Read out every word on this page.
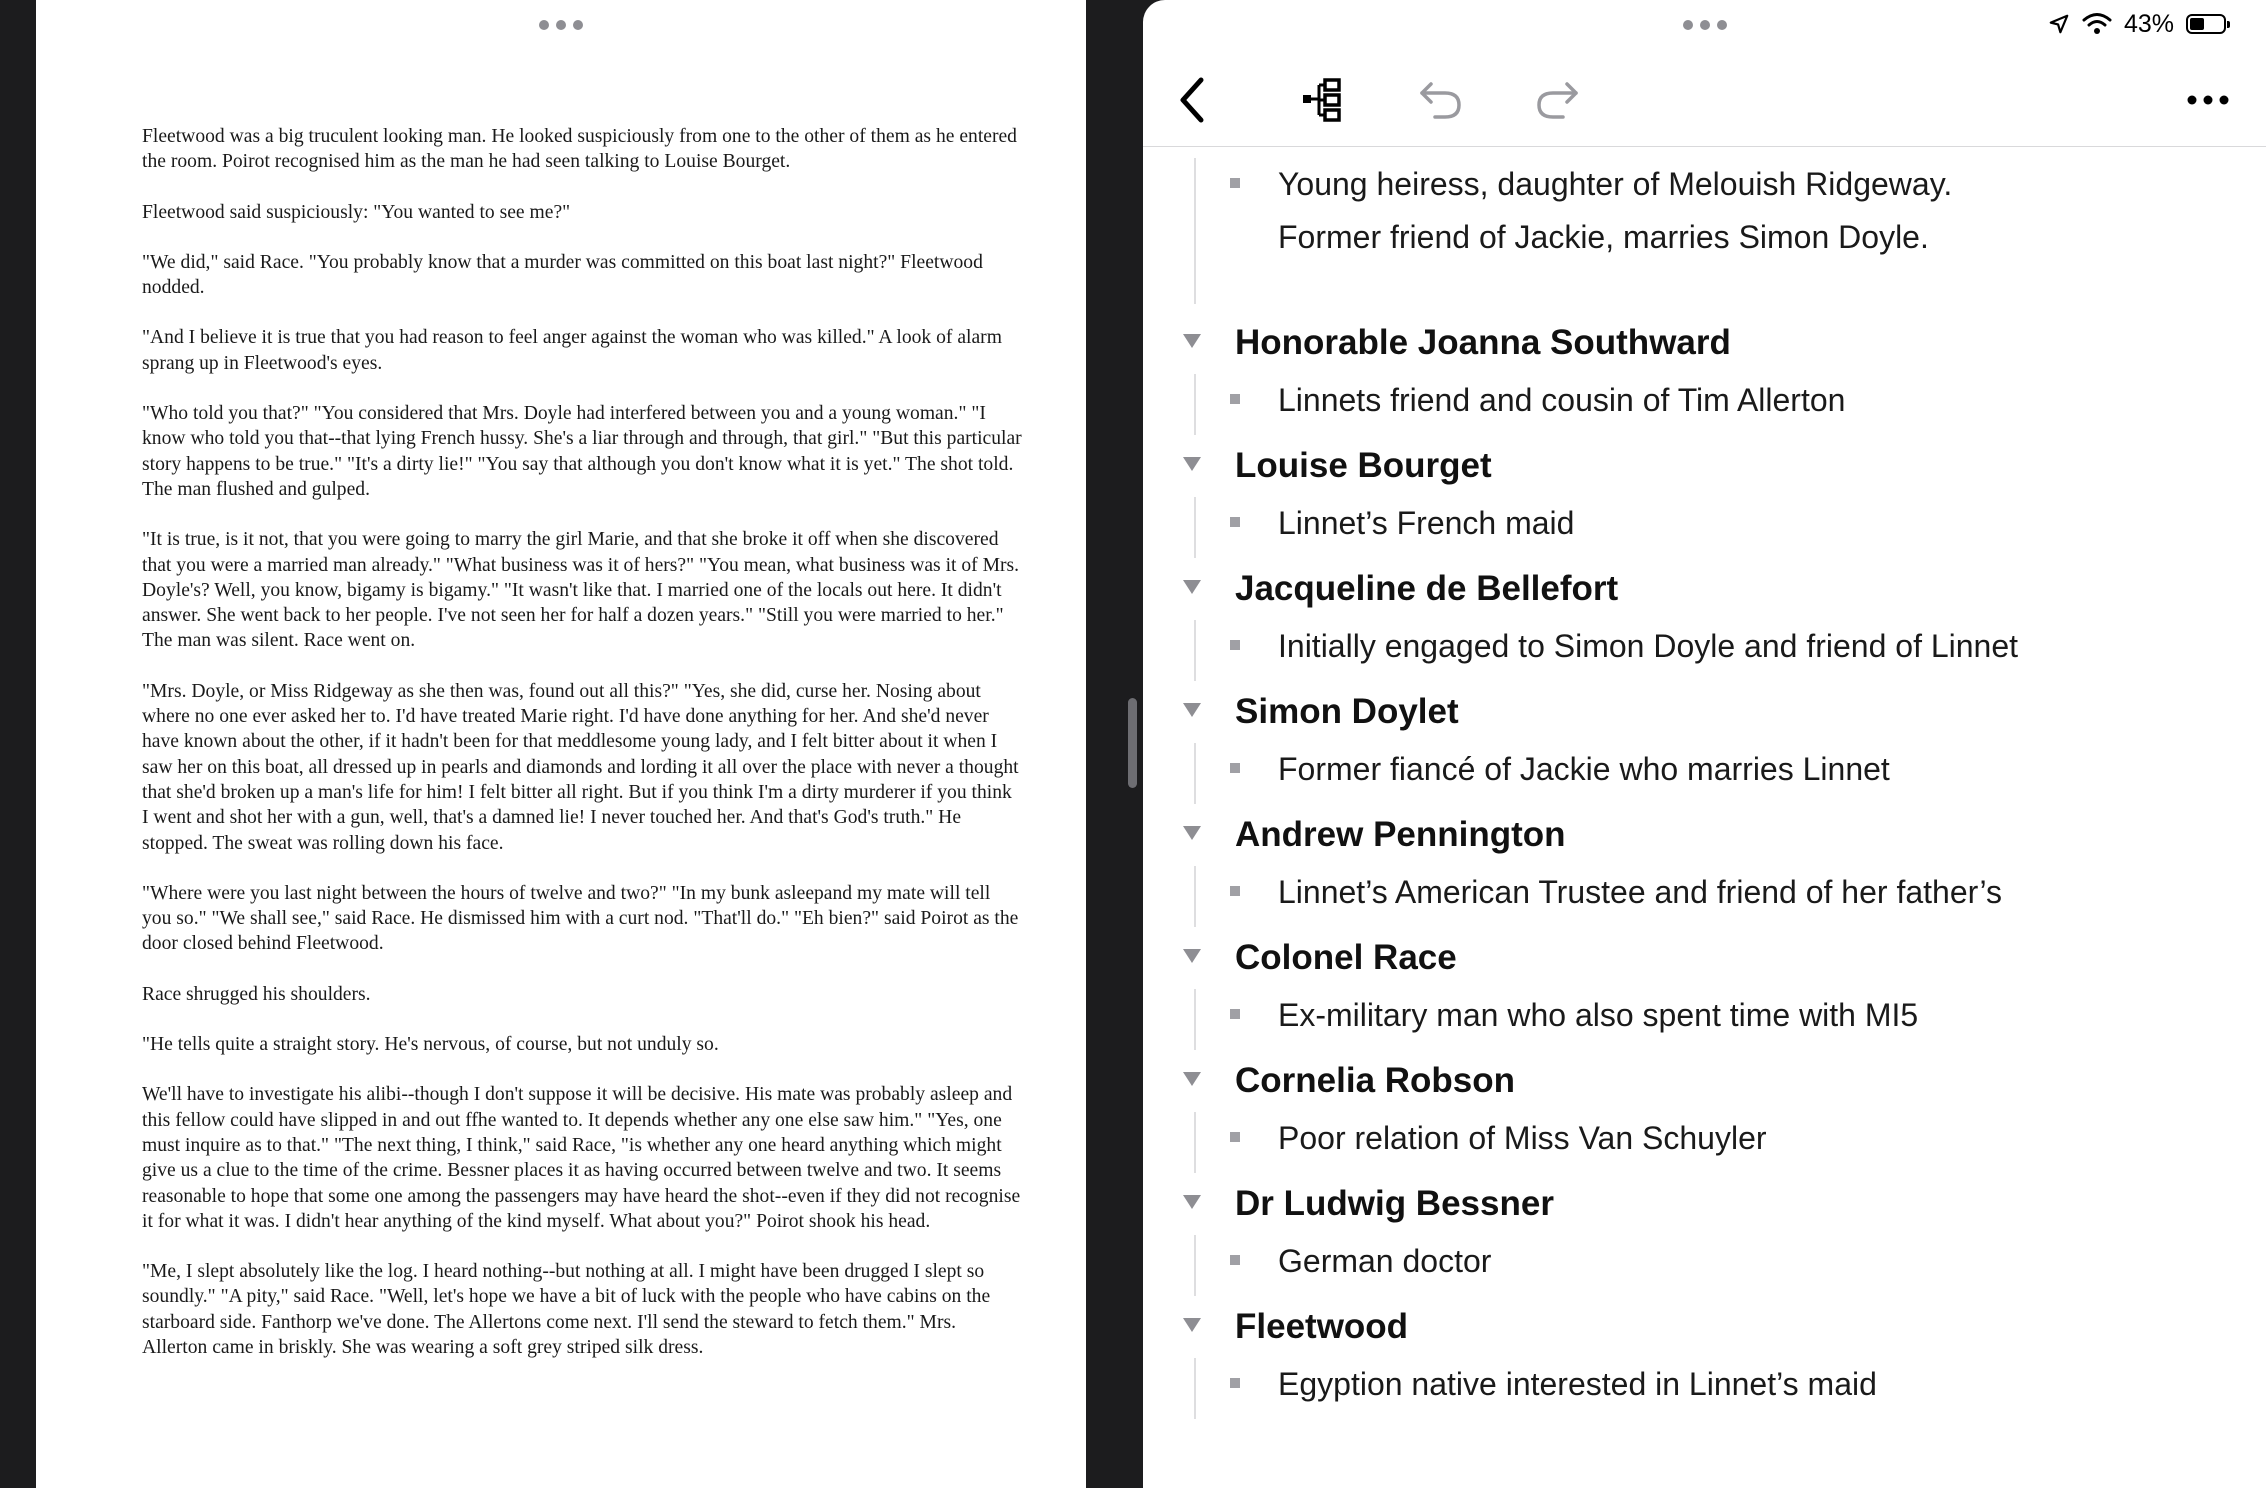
Fleetwood was a big truculent looking man. He looked suspiciously from one to the other of them as he entered the room. Poirot recognised him as the man he had seen talking to Louise Bourget.

Fleetwood said suspiciously: "You wanted to see me?"

"We did," said Race. "You probably know that a murder was committed on this boat last night?" Fleetwood nodded.

"And I believe it is true that you had reason to feel anger against the woman who was killed." A look of alarm sprang up in Fleetwood's eyes.

"Who told you that?" "You considered that Mrs. Doyle had interfered between you and a young woman." "I know who told you that--that lying French hussy. She's a liar through and through, that girl." "But this particular story happens to be true." "It's a dirty lie!" "You say that although you don't know what it is yet." The shot told. The man flushed and gulped.

"It is true, is it not, that you were going to marry the girl Marie, and that she broke it off when she discovered that you were a married man already." "What business was it of hers?" "You mean, what business was it of Mrs. Doyle's? Well, you know, bigamy is bigamy." "It wasn't like that. I married one of the locals out here. It didn't answer. She went back to her people. I've not seen her for half a dozen years." "Still you were married to her." The man was silent. Race went on.

"Mrs. Doyle, or Miss Ridgeway as she then was, found out all this?" "Yes, she did, curse her. Nosing about where no one ever asked her to. I'd have treated Marie right. I'd have done anything for her. And she'd never have known about the other, if it hadn't been for that meddlesome young lady, and I felt bitter about it when I saw her on this boat, all dressed up in pearls and diamonds and lording it all over the place with never a thought that she'd broken up a man's life for him! I felt bitter all right. But if you think I'm a dirty murderer if you think I went and shot her with a gun, well, that's a damned lie! I never touched her. And that's God's truth." He stopped. The sweat was rolling down his face.

"Where were you last night between the hours of twelve and two?" "In my bunk asleepand my mate will tell you so." "We shall see," said Race. He dismissed him with a curt nod. "That'll do." "Eh bien?" said Poirot as the door closed behind Fleetwood.

Race shrugged his shoulders.

"He tells quite a straight story. He's nervous, of course, but not unduly so.

We'll have to investigate his alibi--though I don't suppose it will be decisive. His mate was probably asleep and this fellow could have slipped in and out ffhe wanted to. It depends whether any one else saw him." "Yes, one must inquire as to that." "The next thing, I think," said Race, "is whether any one heard anything which might give us a clue to the time of the crime. Bessner places it as having occurred between twelve and two. It seems reasonable to hope that some one among the passengers may have heard the shot--even if they did not recognise it for what it was. I didn't hear anything of the kind myself. What about you?" Poirot shook his head.

"Me, I slept absolutely like the log. I heard nothing--but nothing at all. I might have been drugged I slept so soundly." "A pity," said Race. "Well, let's hope we have a bit of luck with the people who have cabins on the starboard side. Fanthorp we've done. The Allertons come next. I'll send the steward to fetch them." Mrs. Allerton came in briskly. She was wearing a soft grey striped silk dress.

43%
Young heiress, daughter of Melouish Ridgeway.
Former friend of Jackie, marries Simon Doyle.
Honorable Joanna Southward
Linnets friend and cousin of Tim Allerton
Louise Bourget
Linnet’s French maid
Jacqueline de Bellefort
Initially engaged to Simon Doyle and friend of Linnet
Simon Doylet
Former fiancé of Jackie who marries Linnet
Andrew Pennington
Linnet’s American Trustee and friend of her father’s
Colonel Race
Ex-military man who also spent time with MI5
Cornelia Robson
Poor relation of Miss Van Schuyler
Dr Ludwig Bessner
German doctor
Fleetwood
Egyption native interested in Linnet’s maid
